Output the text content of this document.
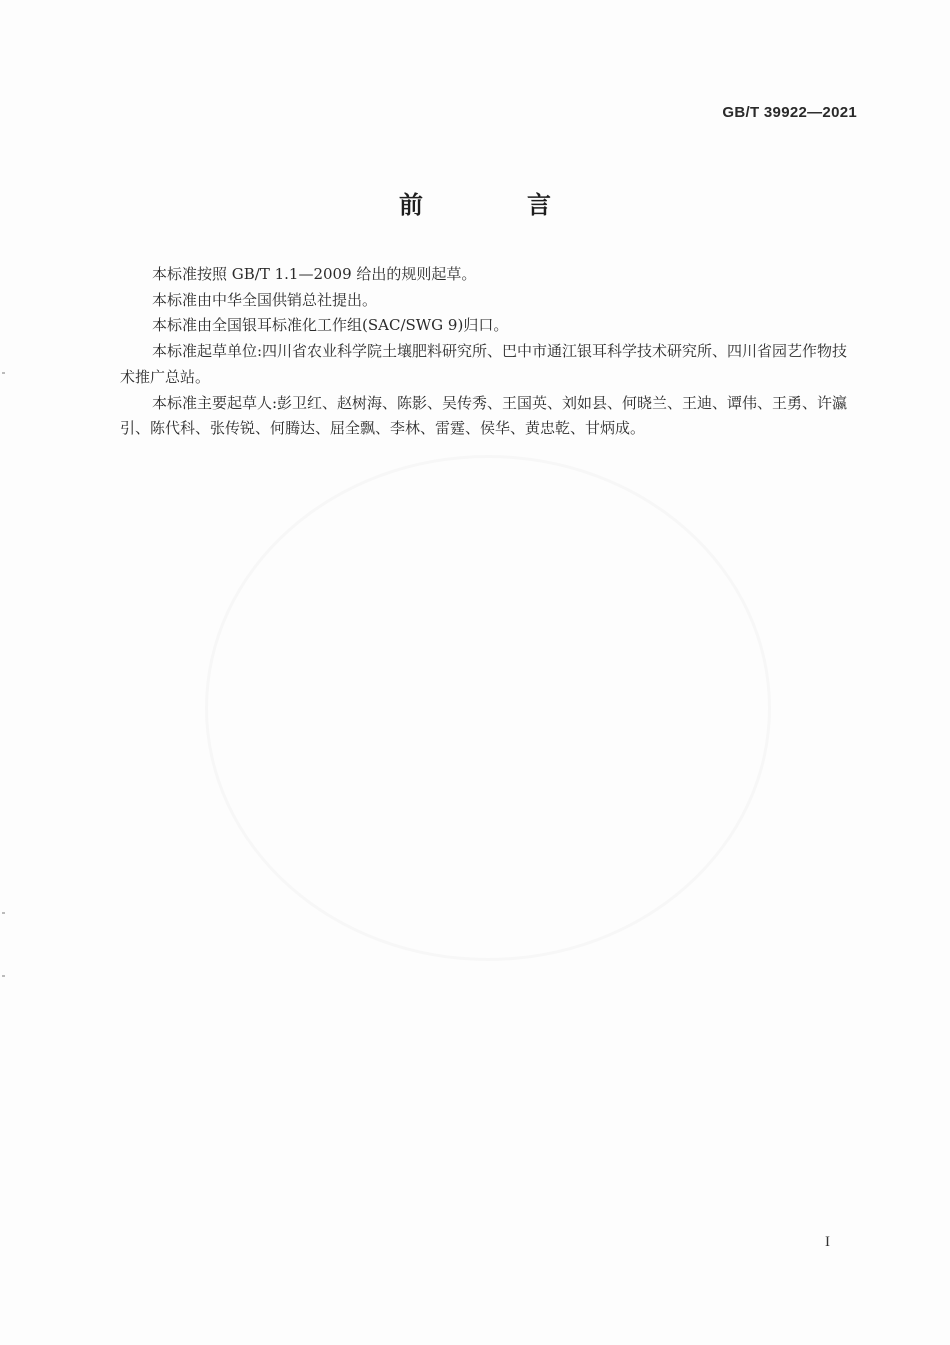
GB/T 39922—2021
前　言

本标准按照 GB/T 1.1—2009 给出的规则起草。

本标准由中华全国供销总社提出。

本标准由全国银耳标准化工作组(SAC/SWG 9)归口。

本标准起草单位:四川省农业科学院土壤肥料研究所、巴中市通江银耳科学技术研究所、四川省园艺作物技术推广总站。

本标准主要起草人:彭卫红、赵树海、陈影、吴传秀、王国英、刘如县、何晓兰、王迪、谭伟、王勇、许瀛引、陈代科、张传锐、何腾达、屈全飘、李林、雷霆、侯华、黄忠乾、甘炳成。

I
